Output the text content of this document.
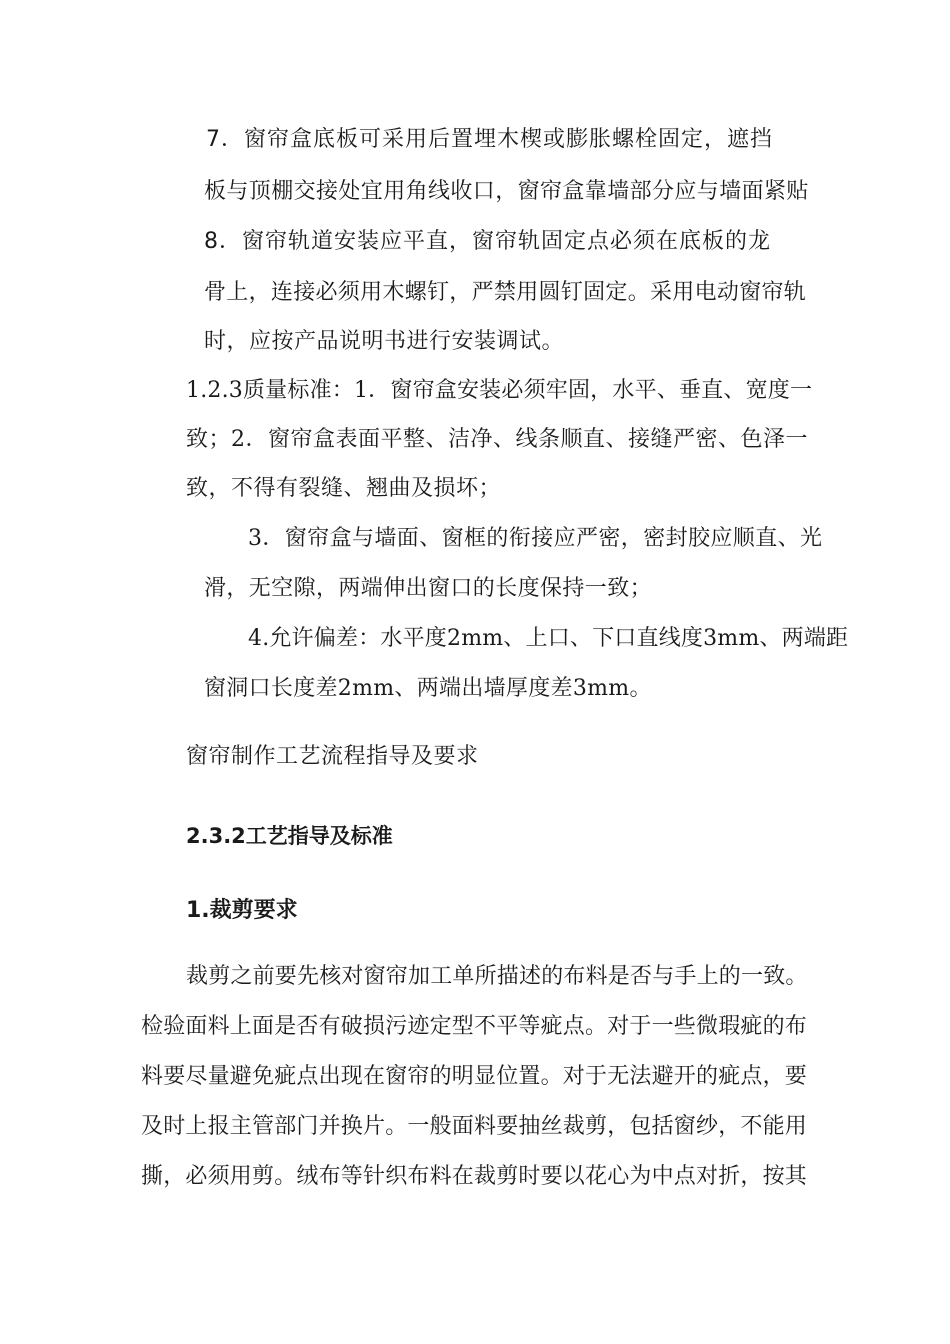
7．窗帘盒底板可采用后置埋木楔或膨胀螺栓固定，遮挡
板与顶棚交接处宜用角线收口，窗帘盒靠墙部分应与墙面紧贴
8．窗帘轨道安装应平直，窗帘轨固定点必须在底板的龙
骨上，连接必须用木螺钉，严禁用圆钉固定。采用电动窗帘轨
时，应按产品说明书进行安装调试。
1.2.3质量标准：1．窗帘盒安装必须牢固，水平、垂直、宽度一
致；2．窗帘盒表面平整、洁净、线条顺直、接缝严密、色泽一
致，不得有裂缝、翘曲及损坏；
3．窗帘盒与墙面、窗框的衔接应严密，密封胶应顺直、光
滑，无空隙，两端伸出窗口的长度保持一致；
4.允许偏差：水平度2mm、上口、下口直线度3mm、两端距
窗洞口长度差2mm、两端出墙厚度差3mm。
窗帘制作工艺流程指导及要求
2.3.2工艺指导及标准
1.裁剪要求
裁剪之前要先核对窗帘加工单所描述的布料是否与手上的一致。
检验面料上面是否有破损污迹定型不平等疵点。对于一些微瑕疵的布
料要尽量避免疵点出现在窗帘的明显位置。对于无法避开的疵点，要
及时上报主管部门并换片。一般面料要抽丝裁剪，包括窗纱，不能用
撕，必须用剪。绒布等针织布料在裁剪时要以花心为中点对折，按其
